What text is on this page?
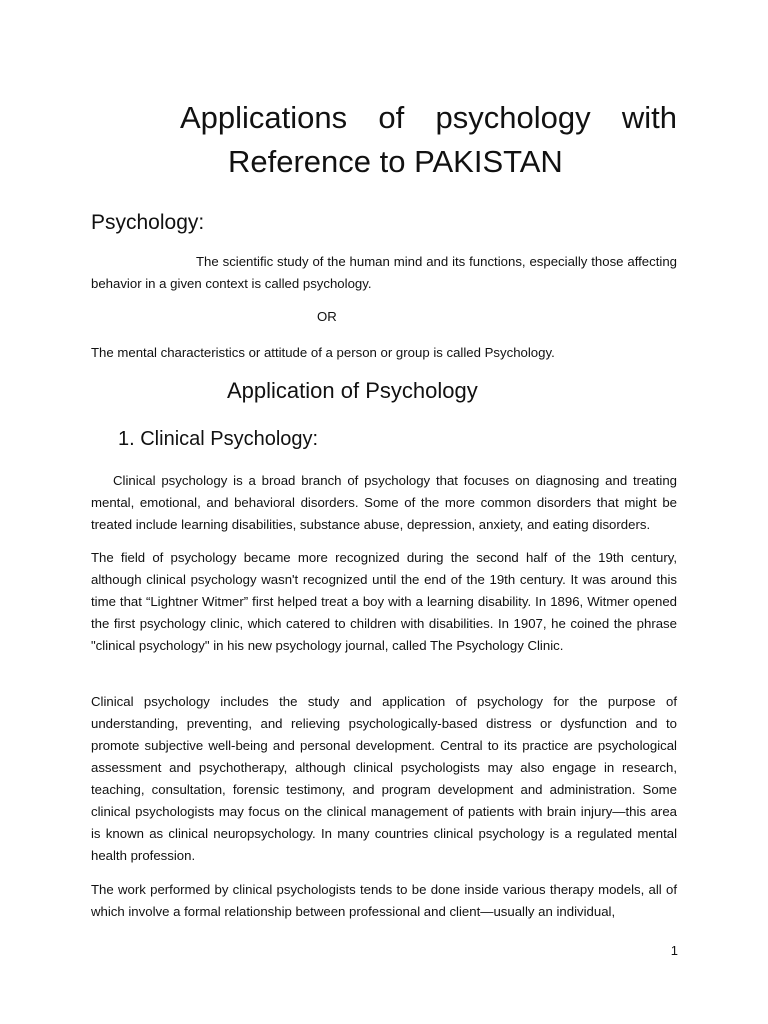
Applications of psychology with
Reference to PAKISTAN
Psychology:

The scientific study of the human mind and its functions, especially those affecting behavior in a given context is called psychology.

OR

The mental characteristics or attitude of a person or group is called Psychology.

Application of Psychology
1. Clinical Psychology:

Clinical psychology is a broad branch of psychology that focuses on diagnosing and treating mental, emotional, and behavioral disorders. Some of the more common disorders that might be treated include learning disabilities, substance abuse, depression, anxiety, and eating disorders.

The field of psychology became more recognized during the second half of the 19th century, although clinical psychology wasn't recognized until the end of the 19th century. It was around this time that “Lightner Witmer” first helped treat a boy with a learning disability. In 1896, Witmer opened the first psychology clinic, which catered to children with disabilities. In 1907, he coined the phrase "clinical psychology" in his new psychology journal, called The Psychology Clinic.

Clinical psychology includes the study and application of psychology for the purpose of understanding, preventing, and relieving psychologically-based distress or dysfunction and to promote subjective well-being and personal development. Central to its practice are psychological assessment and psychotherapy, although clinical psychologists may also engage in research, teaching, consultation, forensic testimony, and program development and administration. Some clinical psychologists may focus on the clinical management of patients with brain injury—this area is known as clinical neuropsychology. In many countries clinical psychology is a regulated mental health profession.

The work performed by clinical psychologists tends to be done inside various therapy models, all of which involve a formal relationship between professional and client—usually an individual,

1
